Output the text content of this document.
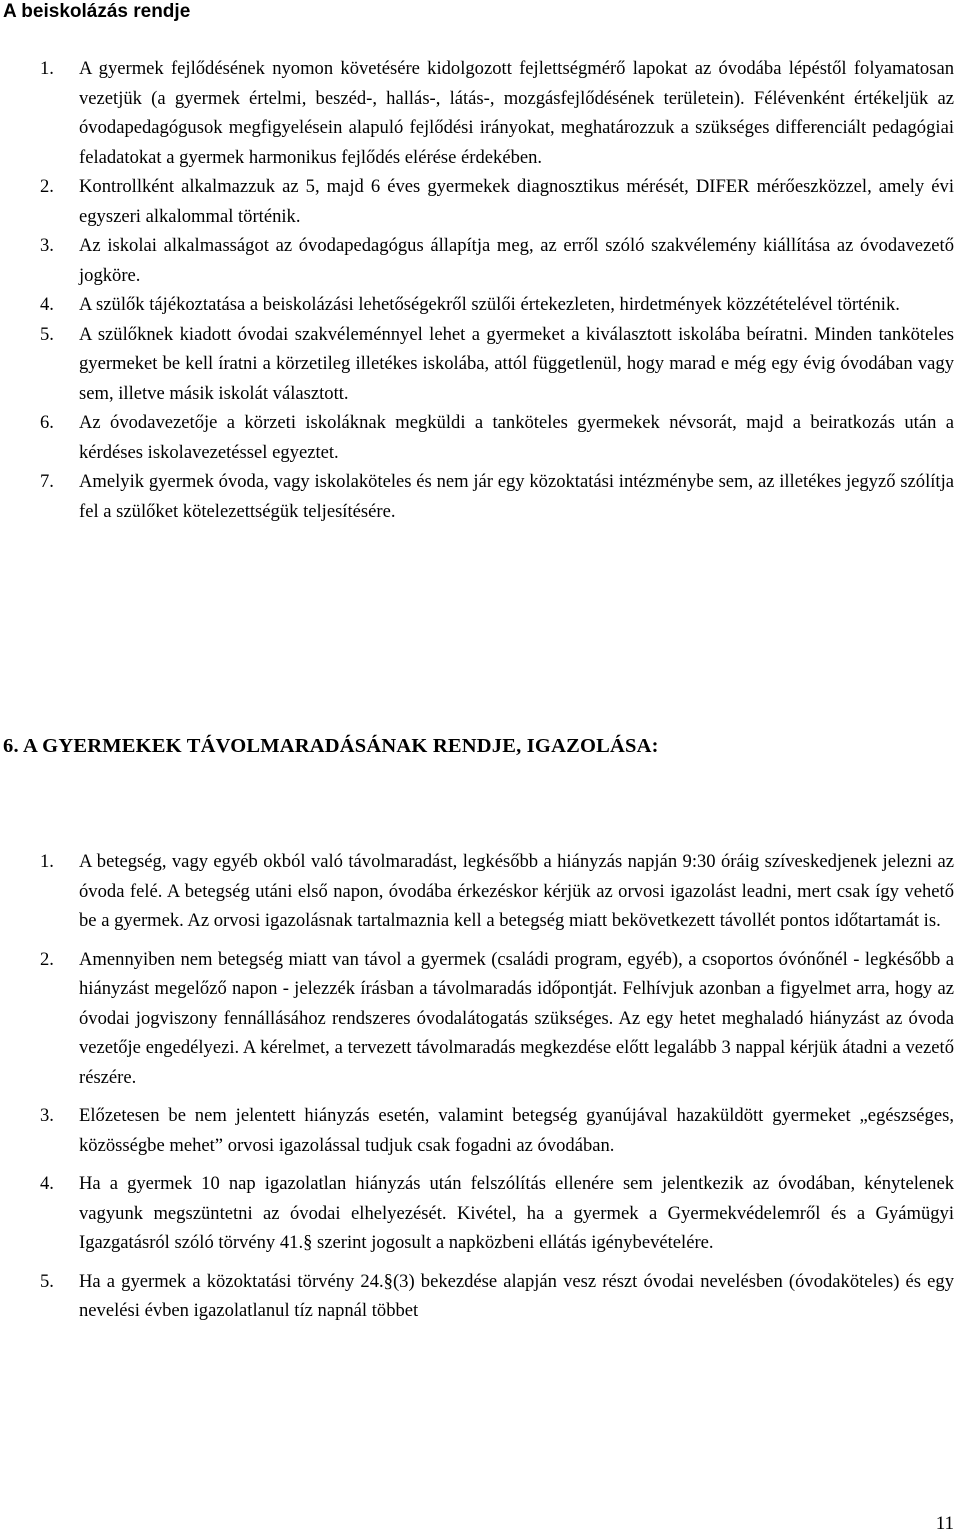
A beiskolázás rendje
1. A gyermek fejlődésének nyomon követésére kidolgozott fejlettségmérő lapokat az óvodába lépéstől folyamatosan vezetjük (a gyermek értelmi, beszéd-, hallás-, látás-, mozgásfejlődésének területein). Félévenként értékeljük az óvodapedagógusok megfigyelésein alapuló fejlődési irányokat, meghatározzuk a szükséges differenciált pedagógiai feladatokat a gyermek harmonikus fejlődés elérése érdekében.
2. Kontrollként alkalmazzuk az 5, majd 6 éves gyermekek diagnosztikus mérését, DIFER mérőeszközzel, amely évi egyszeri alkalommal történik.
3. Az iskolai alkalmasságot az óvodapedagógus állapítja meg, az erről szóló szakvélemény kiállítása az óvodavezető jogköre.
4. A szülők tájékoztatása a beiskolázási lehetőségekről szülői értekezleten, hirdetmények közzétételével történik.
5. A szülőknek kiadott óvodai szakvéleménnyel lehet a gyermeket a kiválasztott iskolába beíratni. Minden tanköteles gyermeket be kell íratni a körzetileg illetékes iskolába, attól függetlenül, hogy marad e még egy évig óvodában vagy sem, illetve másik iskolát választott.
6. Az óvodavezetője a körzeti iskoláknak megküldi a tanköteles gyermekek névsorát, majd a beiratkozás után a kérdéses iskolavezetéssel egyeztet.
7. Amelyik gyermek óvoda, vagy iskolaköteles és nem jár egy közoktatási intézménybe sem, az illetékes jegyző szólítja fel a szülőket kötelezettségük teljesítésére.
6. A GYERMEKEK TÁVOLMARADÁSÁNAK RENDJE, IGAZOLÁSA:
1. A betegség, vagy egyéb okból való távolmaradást, legkésőbb a hiányzás napján 9:30 óráig szíveskedjenek jelezni az óvoda felé. A betegség utáni első napon, óvodába érkezéskor kérjük az orvosi igazolást leadni, mert csak így vehető be a gyermek. Az orvosi igazolásnak tartalmaznia kell a betegség miatt bekövetkezett távollét pontos időtartamát is.
2. Amennyiben nem betegség miatt van távol a gyermek (családi program, egyéb), a csoportos óvónőnél - legkésőbb a hiányzást megelőző napon - jelezzék írásban a távolmaradás időpontját. Felhívjuk azonban a figyelmet arra, hogy az óvodai jogviszony fennállásához rendszeres óvodalátogatás szükséges. Az egy hetet meghaladó hiányzást az óvoda vezetője engedélyezi. A kérelmet, a tervezett távolmaradás megkezdése előtt legalább 3 nappal kérjük átadni a vezető részére.
3. Előzetesen be nem jelentett hiányzás esetén, valamint betegség gyanújával hazaküldött gyermeket „egészséges, közösségbe mehet” orvosi igazolással tudjuk csak fogadni az óvodában.
4. Ha a gyermek 10 nap igazolatlan hiányzás után felszólítás ellenére sem jelentkezik az óvodában, kénytelenek vagyunk megszüntetni az óvodai elhelyezését. Kivétel, ha a gyermek a Gyermekvédelemről és a Gyámügyi Igazgatásról szóló törvény 41.§ szerint jogosult a napközbeni ellátás igénybevételére.
5. Ha a gyermek a közoktatási törvény 24.§(3) bekezdése alapján vesz részt óvodai nevelésben (óvodaköteles) és egy nevelési évben igazolatlanul tíz napnál többet
11
